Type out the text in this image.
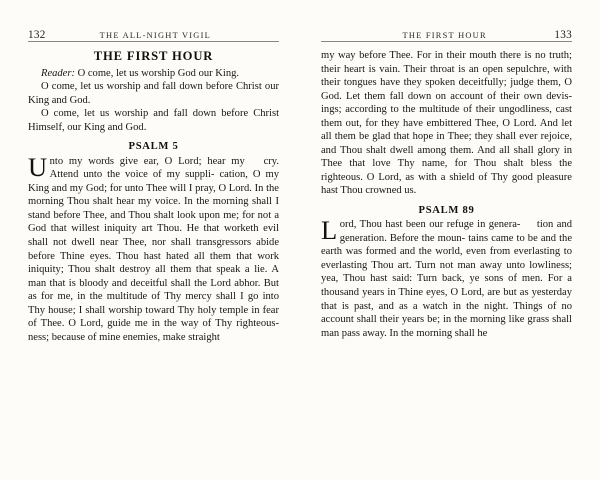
132	THE ALL-NIGHT VIGIL
THE FIRST HOUR

Reader: O come, let us worship God our King.

O come, let us worship and fall down before Christ our King and God.

O come, let us worship and fall down before Christ Himself, our King and God.

PSALM 5

Unto my words give ear, O Lord; hear my cry. Attend unto the voice of my suppli- cation, O my King and my God; for unto Thee will I pray, O Lord. In the morning Thou shalt hear my voice. In the morning shall I stand before Thee, and Thou shalt look upon me; for not a God that willest iniquity art Thou. He that worketh evil shall not dwell near Thee, nor shall transgressors abide before Thine eyes. Thou hast hated all them that work iniquity; Thou shalt destroy all them that speak a lie. A man that is bloody and deceitful shall the Lord abhor. But as for me, in the multitude of Thy mercy shall I go into Thy house; I shall worship toward Thy holy temple in fear of Thee. O Lord, guide me in the way of Thy righteousness; because of mine enemies, make straight

THE FIRST HOUR	133

my way before Thee. For in their mouth there is no truth; their heart is vain. Their throat is an open sepulchre, with their tongues have they spoken deceitfully; judge them, O God. Let them fall down on account of their own devisings; according to the multitude of their ungodliness, cast them out, for they have embittered Thee, O Lord. And let all them be glad that hope in Thee; they shall ever rejoice, and Thou shalt dwell among them. And all shall glory in Thee that love Thy name, for Thou shalt bless the righteous. O Lord, as with a shield of Thy good pleasure hast Thou crowned us.

PSALM 89

Lord, Thou hast been our refuge in genera- tion and generation. Before the moun- tains came to be and the earth was formed and the world, even from everlasting to everlasting Thou art. Turn not man away unto lowliness; yea, Thou hast said: Turn back, ye sons of men. For a thousand years in Thine eyes, O Lord, are but as yesterday that is past, and as a watch in the night. Things of no account shall their years be; in the morning like grass shall man pass away. In the morning shall he
